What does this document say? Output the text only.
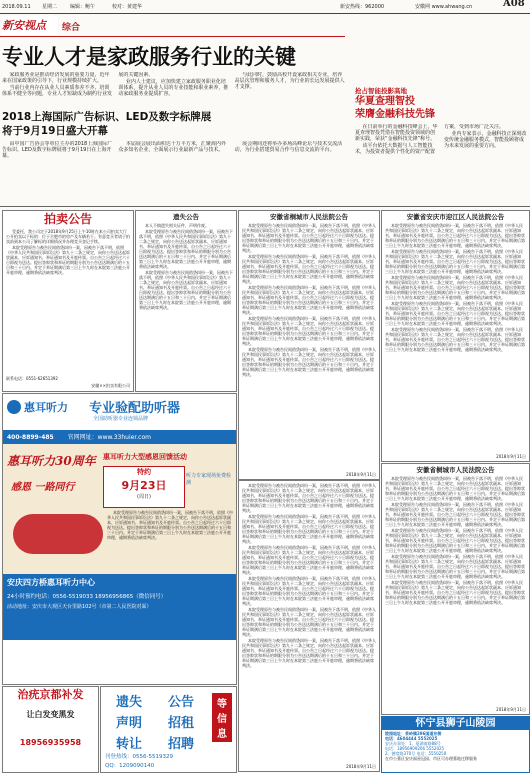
2018.09.11 星期二	编辑：鲍午	校对：黄建华	新安热线：962000	安徽网 www.ahwang.cn	A08
新安视点	综合
专业人才是家政服务行业的关键

家政服务业是推动经济发展的重要力量，近年来在国家政策的引导下，行业规模持续扩大。

当前行业内存在从业人员素质参差不齐、培训体系不健全等问题，专业人才短缺成为制约行业发展的关键因素。

业内人士建议，应加快建立家政服务职业化培训体系，提升从业人员的专业技能和职业素养，推动家政服务业提质扩容。

与此同时，鼓励高校开设家政相关专业，培养高层次管理和服务人才，为行业的长远发展提供人才支撑。	抢占智能投影高地
华夏查理智投
荣膺金融科技先锋

在日前举行的金融科技峰会上，华夏查理智投凭借在智能投资领域的创新实践，荣获“金融科技先锋”称号。

该平台依托大数据与人工智能技术，为投资者提供个性化的资产配置方案，受到市场广泛关注。

业内专家表示，金融科技正深刻改变传统金融服务模式，智能投顾将成为未来发展的重要方向。

2018上海国际广告标识、LED及数字标牌展
将于9月19日盛大开幕

由中国广告协会等单位主办的2018上海国际广告标识、LED及数字标牌展将于9月19日在上海开幕。

本届展会展出面积达十万平方米，汇聚海内外众多知名企业，全面展示行业最新产品与技术。

展会期间还将举办多场高峰论坛与技术交流活动，为行业搭建贸易合作与信息交流的平台。

拍卖公告

受委托，我公司定于2018年9月25日上午10时在本公司拍卖大厅公开拍卖以下标的：位于合肥市的房产及车辆若干。有意竞买者请于拍卖前到本公司了解标的详细情况并办理竞买登记手续。

本院受理原告与被告民间借贷纠纷一案，因被告下落不明，依照《中华人民共和国民事诉讼法》第九十二条之规定，向你公告送达起诉状副本、应诉通知书、举证通知书及开庭传票。自公告之日起经过六十日即视为送达。提出答辩状和举证的期限分别为公告送达期满后的十五日和三十日内。并定于举证期满后第三日上午九时在本院第三法庭公开开庭审理，逾期将依法缺席判决。

联系电话：0551-62651392
安徽××拍卖有限公司
遗失公告

本人不慎遗失相关证件，声明作废。

本院受理原告与被告民间借贷纠纷一案，因被告下落不明，依照《中华人民共和国民事诉讼法》第九十二条之规定，向你公告送达起诉状副本、应诉通知书、举证通知书及开庭传票。自公告之日起经过六十日即视为送达。提出答辩状和举证的期限分别为公告送达期满后的十五日和三十日内。并定于举证期满后第三日上午九时在本院第三法庭公开开庭审理，逾期将依法缺席判决。

本院受理原告与被告民间借贷纠纷一案，因被告下落不明，依照《中华人民共和国民事诉讼法》第九十二条之规定，向你公告送达起诉状副本、应诉通知书、举证通知书及开庭传票。自公告之日起经过六十日即视为送达。提出答辩状和举证的期限分别为公告送达期满后的十五日和三十日内。并定于举证期满后第三日上午九时在本院第三法庭公开开庭审理，逾期将依法缺席判决。

安徽省桐城市人民法院公告

本院受理原告与被告民间借贷纠纷一案，因被告下落不明，依照《中华人民共和国民事诉讼法》第九十二条之规定，向你公告送达起诉状副本、应诉通知书、举证通知书及开庭传票。自公告之日起经过六十日即视为送达。提出答辩状和举证的期限分别为公告送达期满后的十五日和三十日内。并定于举证期满后第三日上午九时在本院第三法庭公开开庭审理，逾期将依法缺席判决。

本院受理原告与被告民间借贷纠纷一案，因被告下落不明，依照《中华人民共和国民事诉讼法》第九十二条之规定，向你公告送达起诉状副本、应诉通知书、举证通知书及开庭传票。自公告之日起经过六十日即视为送达。提出答辩状和举证的期限分别为公告送达期满后的十五日和三十日内。并定于举证期满后第三日上午九时在本院第三法庭公开开庭审理，逾期将依法缺席判决。

本院受理原告与被告民间借贷纠纷一案，因被告下落不明，依照《中华人民共和国民事诉讼法》第九十二条之规定，向你公告送达起诉状副本、应诉通知书、举证通知书及开庭传票。自公告之日起经过六十日即视为送达。提出答辩状和举证的期限分别为公告送达期满后的十五日和三十日内。并定于举证期满后第三日上午九时在本院第三法庭公开开庭审理，逾期将依法缺席判决。

本院受理原告与被告民间借贷纠纷一案，因被告下落不明，依照《中华人民共和国民事诉讼法》第九十二条之规定，向你公告送达起诉状副本、应诉通知书、举证通知书及开庭传票。自公告之日起经过六十日即视为送达。提出答辩状和举证的期限分别为公告送达期满后的十五日和三十日内。并定于举证期满后第三日上午九时在本院第三法庭公开开庭审理，逾期将依法缺席判决。

本院受理原告与被告民间借贷纠纷一案，因被告下落不明，依照《中华人民共和国民事诉讼法》第九十二条之规定，向你公告送达起诉状副本、应诉通知书、举证通知书及开庭传票。自公告之日起经过六十日即视为送达。提出答辩状和举证的期限分别为公告送达期满后的十五日和三十日内。并定于举证期满后第三日上午九时在本院第三法庭公开开庭审理，逾期将依法缺席判决。

2018年9月11日
安徽省安庆市迎江区人民法院公告

本院受理原告与被告民间借贷纠纷一案，因被告下落不明，依照《中华人民共和国民事诉讼法》第九十二条之规定，向你公告送达起诉状副本、应诉通知书、举证通知书及开庭传票。自公告之日起经过六十日即视为送达。提出答辩状和举证的期限分别为公告送达期满后的十五日和三十日内。并定于举证期满后第三日上午九时在本院第三法庭公开开庭审理，逾期将依法缺席判决。

本院受理原告与被告民间借贷纠纷一案，因被告下落不明，依照《中华人民共和国民事诉讼法》第九十二条之规定，向你公告送达起诉状副本、应诉通知书、举证通知书及开庭传票。自公告之日起经过六十日即视为送达。提出答辩状和举证的期限分别为公告送达期满后的十五日和三十日内。并定于举证期满后第三日上午九时在本院第三法庭公开开庭审理，逾期将依法缺席判决。

本院受理原告与被告民间借贷纠纷一案，因被告下落不明，依照《中华人民共和国民事诉讼法》第九十二条之规定，向你公告送达起诉状副本、应诉通知书、举证通知书及开庭传票。自公告之日起经过六十日即视为送达。提出答辩状和举证的期限分别为公告送达期满后的十五日和三十日内。并定于举证期满后第三日上午九时在本院第三法庭公开开庭审理，逾期将依法缺席判决。

本院受理原告与被告民间借贷纠纷一案，因被告下落不明，依照《中华人民共和国民事诉讼法》第九十二条之规定，向你公告送达起诉状副本、应诉通知书、举证通知书及开庭传票。自公告之日起经过六十日即视为送达。提出答辩状和举证的期限分别为公告送达期满后的十五日和三十日内。并定于举证期满后第三日上午九时在本院第三法庭公开开庭审理，逾期将依法缺席判决。

本院受理原告与被告民间借贷纠纷一案，因被告下落不明，依照《中华人民共和国民事诉讼法》第九十二条之规定，向你公告送达起诉状副本、应诉通知书、举证通知书及开庭传票。自公告之日起经过六十日即视为送达。提出答辩状和举证的期限分别为公告送达期满后的十五日和三十日内。并定于举证期满后第三日上午九时在本院第三法庭公开开庭审理，逾期将依法缺席判决。

2018年9月11日

本院受理原告与被告民间借贷纠纷一案，因被告下落不明，依照《中华人民共和国民事诉讼法》第九十二条之规定，向你公告送达起诉状副本、应诉通知书、举证通知书及开庭传票。自公告之日起经过六十日即视为送达。提出答辩状和举证的期限分别为公告送达期满后的十五日和三十日内。并定于举证期满后第三日上午九时在本院第三法庭公开开庭审理，逾期将依法缺席判决。

本院受理原告与被告民间借贷纠纷一案，因被告下落不明，依照《中华人民共和国民事诉讼法》第九十二条之规定，向你公告送达起诉状副本、应诉通知书、举证通知书及开庭传票。自公告之日起经过六十日即视为送达。提出答辩状和举证的期限分别为公告送达期满后的十五日和三十日内。并定于举证期满后第三日上午九时在本院第三法庭公开开庭审理，逾期将依法缺席判决。

本院受理原告与被告民间借贷纠纷一案，因被告下落不明，依照《中华人民共和国民事诉讼法》第九十二条之规定，向你公告送达起诉状副本、应诉通知书、举证通知书及开庭传票。自公告之日起经过六十日即视为送达。提出答辩状和举证的期限分别为公告送达期满后的十五日和三十日内。并定于举证期满后第三日上午九时在本院第三法庭公开开庭审理，逾期将依法缺席判决。

本院受理原告与被告民间借贷纠纷一案，因被告下落不明，依照《中华人民共和国民事诉讼法》第九十二条之规定，向你公告送达起诉状副本、应诉通知书、举证通知书及开庭传票。自公告之日起经过六十日即视为送达。提出答辩状和举证的期限分别为公告送达期满后的十五日和三十日内。并定于举证期满后第三日上午九时在本院第三法庭公开开庭审理，逾期将依法缺席判决。

本院受理原告与被告民间借贷纠纷一案，因被告下落不明，依照《中华人民共和国民事诉讼法》第九十二条之规定，向你公告送达起诉状副本、应诉通知书、举证通知书及开庭传票。自公告之日起经过六十日即视为送达。提出答辩状和举证的期限分别为公告送达期满后的十五日和三十日内。并定于举证期满后第三日上午九时在本院第三法庭公开开庭审理，逾期将依法缺席判决。

本院受理原告与被告民间借贷纠纷一案，因被告下落不明，依照《中华人民共和国民事诉讼法》第九十二条之规定，向你公告送达起诉状副本、应诉通知书、举证通知书及开庭传票。自公告之日起经过六十日即视为送达。提出答辩状和举证的期限分别为公告送达期满后的十五日和三十日内。并定于举证期满后第三日上午九时在本院第三法庭公开开庭审理，逾期将依法缺席判决。

2018年9月11日
安徽省桐城市人民法院公告

本院受理原告与被告民间借贷纠纷一案，因被告下落不明，依照《中华人民共和国民事诉讼法》第九十二条之规定，向你公告送达起诉状副本、应诉通知书、举证通知书及开庭传票。自公告之日起经过六十日即视为送达。提出答辩状和举证的期限分别为公告送达期满后的十五日和三十日内。并定于举证期满后第三日上午九时在本院第三法庭公开开庭审理，逾期将依法缺席判决。

本院受理原告与被告民间借贷纠纷一案，因被告下落不明，依照《中华人民共和国民事诉讼法》第九十二条之规定，向你公告送达起诉状副本、应诉通知书、举证通知书及开庭传票。自公告之日起经过六十日即视为送达。提出答辩状和举证的期限分别为公告送达期满后的十五日和三十日内。并定于举证期满后第三日上午九时在本院第三法庭公开开庭审理，逾期将依法缺席判决。

本院受理原告与被告民间借贷纠纷一案，因被告下落不明，依照《中华人民共和国民事诉讼法》第九十二条之规定，向你公告送达起诉状副本、应诉通知书、举证通知书及开庭传票。自公告之日起经过六十日即视为送达。提出答辩状和举证的期限分别为公告送达期满后的十五日和三十日内。并定于举证期满后第三日上午九时在本院第三法庭公开开庭审理，逾期将依法缺席判决。

本院受理原告与被告民间借贷纠纷一案，因被告下落不明，依照《中华人民共和国民事诉讼法》第九十二条之规定，向你公告送达起诉状副本、应诉通知书、举证通知书及开庭传票。自公告之日起经过六十日即视为送达。提出答辩状和举证的期限分别为公告送达期满后的十五日和三十日内。并定于举证期满后第三日上午九时在本院第三法庭公开开庭审理，逾期将依法缺席判决。

本院受理原告与被告民间借贷纠纷一案，因被告下落不明，依照《中华人民共和国民事诉讼法》第九十二条之规定，向你公告送达起诉状副本、应诉通知书、举证通知书及开庭传票。自公告之日起经过六十日即视为送达。提出答辩状和举证的期限分别为公告送达期满后的十五日和三十日内。并定于举证期满后第三日上午九时在本院第三法庭公开开庭审理，逾期将依法缺席判决。

2018年9月11日
惠耳听力 专业验配助听器
全国助听器专业连锁品牌
400-8899-485 官网网址：www.33huier.com
惠耳听力30周年
感恩 一路同行
惠耳听力大型感恩回馈活动
特约
9月23日
(周日)
听力专家现场免费检测

本院受理原告与被告民间借贷纠纷一案，因被告下落不明，依照《中华人民共和国民事诉讼法》第九十二条之规定，向你公告送达起诉状副本、应诉通知书、举证通知书及开庭传票。自公告之日起经过六十日即视为送达。提出答辩状和举证的期限分别为公告送达期满后的十五日和三十日内。并定于举证期满后第三日上午九时在本院第三法庭公开开庭审理，逾期将依法缺席判决。

安庆四方桥惠耳听力中心
24小时预约电话：0556-5519033 18956956865（微信同号）
活动地址：安庆市大观区天台里路102号（市第二人民医院对面）
治疣京都补发
让白发变黑发
18956935958
遗失	公告
声明	招租
转让	招聘
等
信
息
刊登热线：0556-5519329
QQ：1209090140
怀宁县狮子山陵园
陵园地址：茶岭镇296国道东侧
电话：4604444 5552025
安庆办事处：1、菱湖南路88号
电话：18956909206 5552025
2、德宽路370号 电话：5550250
在市公墓区安庆福星冠园、市区可办理墓地迁移服务
